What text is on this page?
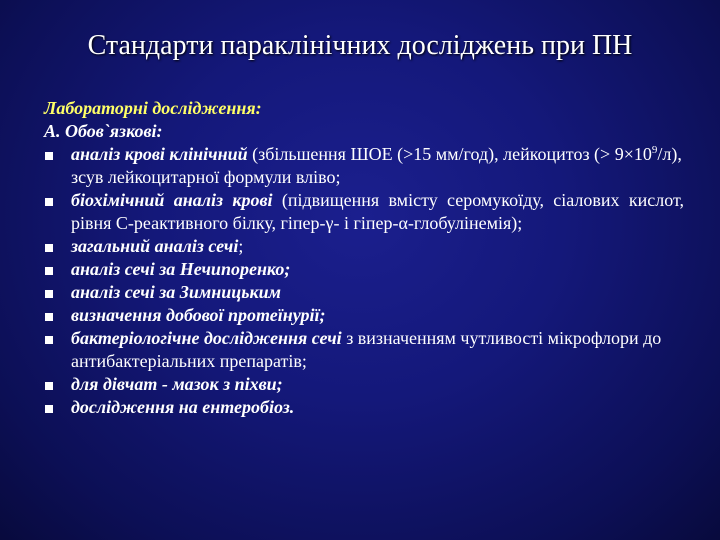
Стандарти параклінічних досліджень при ПН
Лабораторні дослідження:
А. Обов`язкові:
аналіз крові клінічний (збільшення ШОЕ (>15 мм/год), лейкоцитоз (> $9\times 10^9/л$), зсув лейкоцитарної формули вліво;
біохімічний аналіз крові (підвищення вмісту серомукоїду, сіалових кислот, рівня С-реактивного білку, гіпер-γ- і гіпер-α-глобулінемія);
загальний аналіз сечі;
аналіз сечі за Нечипоренко;
аналіз сечі за Зимницьким
визначення добової протеїнурії;
бактеріологічне дослідження сечі з визначенням чутливості мікрофлори до антибактеріальних препаратів;
для дівчат - мазок з піхви;
дослідження на ентеробіоз.
